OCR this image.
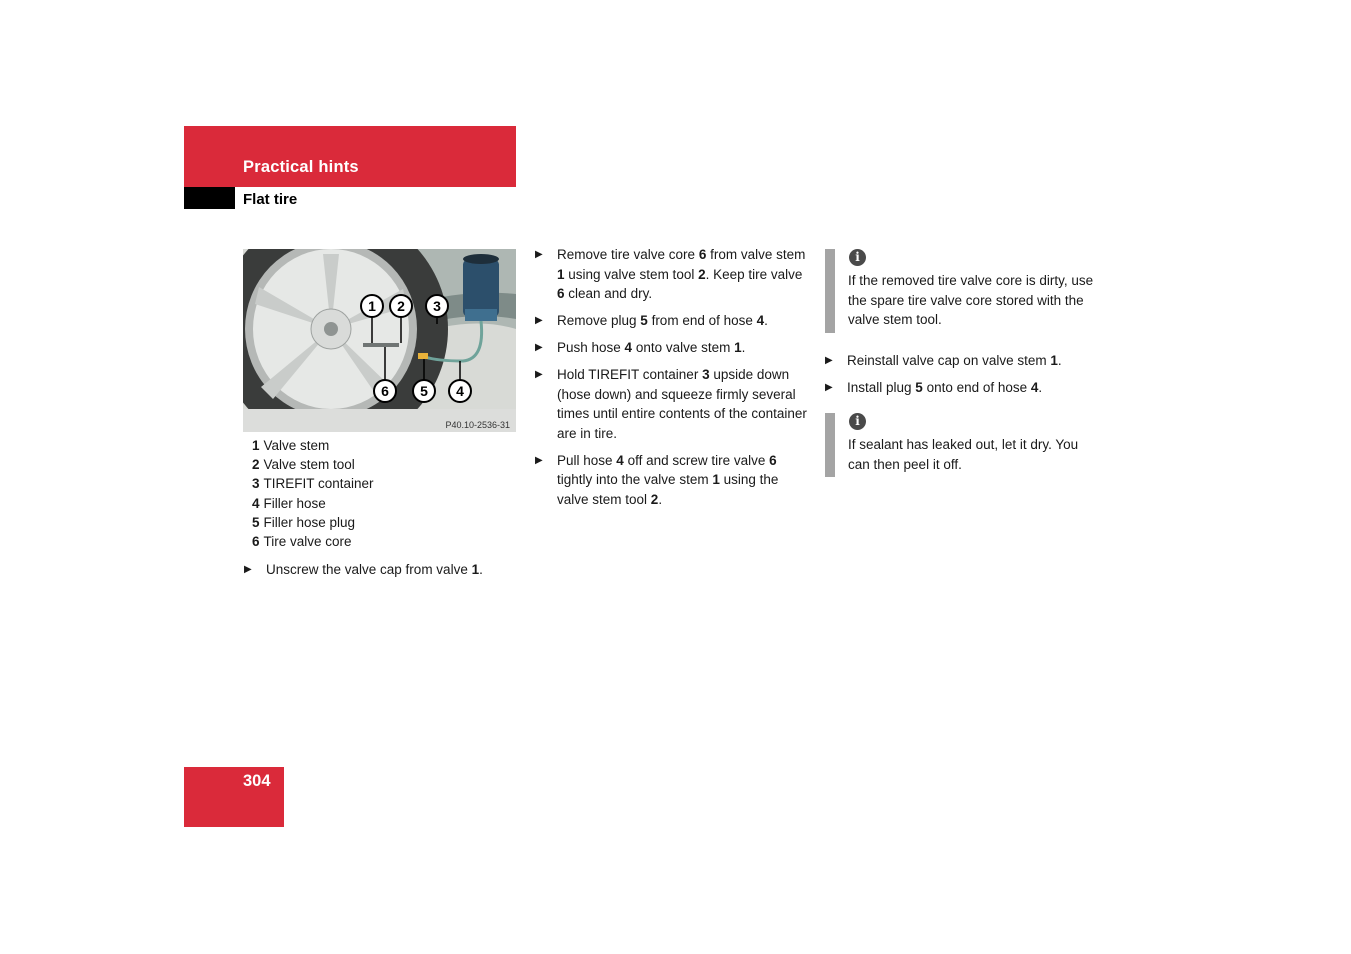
Practical hints
Flat tire
1 2 3
6 5 4
P40.10-2536-31
1 Valve stem
2 Valve stem tool
3 TIREFIT container
4 Filler hose
5 Filler hose plug
6 Tire valve core
▶ Unscrew the valve cap from valve 1.
▶ Remove tire valve core 6 from valve stem 1 using valve stem tool 2. Keep tire valve 6 clean and dry.
▶ Remove plug 5 from end of hose 4.
▶ Push hose 4 onto valve stem 1.
▶ Hold TIREFIT container 3 upside down (hose down) and squeeze firmly several times until entire contents of the container are in tire.
▶ Pull hose 4 off and screw tire valve 6 tightly into the valve stem 1 using the valve stem tool 2.
i
If the removed tire valve core is dirty, use the spare tire valve core stored with the valve stem tool.
▶ Reinstall valve cap on valve stem 1.
▶ Install plug 5 onto end of hose 4.
i
If sealant has leaked out, let it dry. You can then peel it off.
304
